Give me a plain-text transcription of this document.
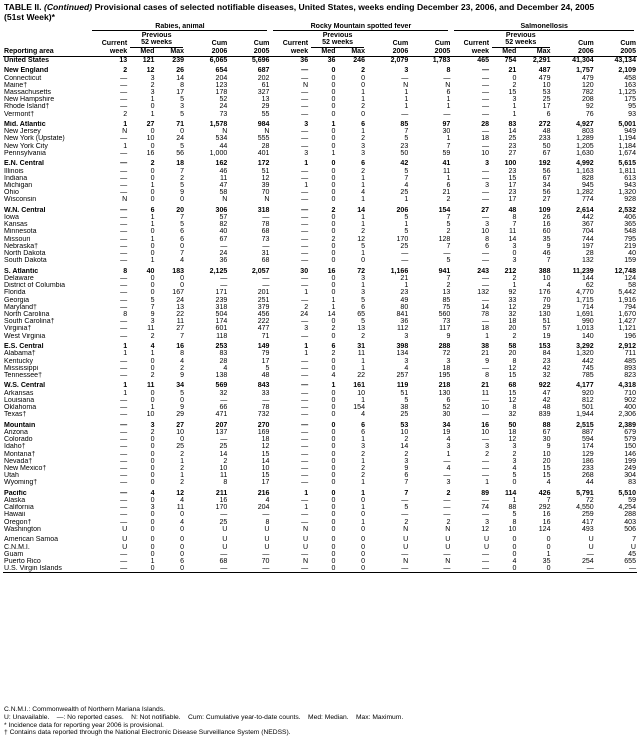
TABLE II. (Continued) Provisional cases of selected notifiable diseases, United States, weeks ending December 23, 2006, and December 24, 2005
(51st Week)*

	Rabies, animal					Rocky Mountain spotted fever					Salmonellosis				

		Previous					Previous					Previous			
	Current	52 weeks		Cum	Cum	Current	52 weeks		Cum	Cum	Current	52 weeks		Cum	Cum
Reporting area	week	Med	Max	2006	2005	week	Med	Max	2006	2005	week	Med	Max	2006	2005
United States	13	121	239	6,065	5,696	36	36	246	2,079	1,783	465	754	2,291	41,304	43,134

New England	2	12	26	654	687	—	0	2	3	8	—	21	487	1,757	2,109
Connecticut	—	3	14	204	202	—	0	0	—	—	—	0	479	479	458
Maine†	—	2	8	123	61	N	0	0	N	N	—	2	10	120	163
Massachusetts	—	3	17	178	327	—	0	1	1	6	—	15	53	782	1,125
New Hampshire	—	1	5	52	13	—	0	1	1	1	—	3	25	208	175
Rhode Island†	—	0	3	24	29	—	0	2	1	1	—	1	17	92	95
Vermont†	2	1	5	73	55	—	0	0	—	—	—	1	6	76	93

Mid. Atlantic	1	27	71	1,578	984	3	1	6	85	97	28	83	272	4,927	5,001
New Jersey	N	0	0	N	N	—	0	1	7	30	—	14	48	803	949
New York (Upstate)	—	10	24	534	555	—	0	2	5	1	18	25	233	1,289	1,194
New York City	1	0	5	44	28	—	0	3	23	7	—	23	50	1,205	1,184
Pennsylvania	—	16	56	1,000	401	3	1	3	50	59	10	27	67	1,630	1,674

E.N. Central	—	2	18	162	172	1	0	6	42	41	3	100	192	4,992	5,615
Illinois	—	0	7	46	51	—	0	2	5	11	—	23	56	1,163	1,811
Indiana	—	0	2	11	12	—	0	1	7	1	—	15	67	828	613
Michigan	—	1	5	47	39	1	0	1	4	6	3	17	34	945	943
Ohio	—	0	9	58	70	—	0	4	25	21	—	23	56	1,282	1,320
Wisconsin	N	0	0	N	N	—	0	1	1	2	—	17	27	774	928

W.N. Central	—	6	20	306	318	—	2	14	206	154	27	48	109	2,614	2,532
Iowa	—	1	7	57	—	—	0	1	5	7	—	8	26	442	406
Kansas	—	1	5	82	78	—	0	1	1	5	3	7	16	367	365
Minnesota	—	0	6	40	68	—	0	2	5	2	10	11	60	704	548
Missouri	—	1	6	67	73	—	2	12	170	128	8	14	35	744	795
Nebraska†	—	0	0	—	—	—	0	5	25	7	6	3	9	197	219
North Dakota	—	0	7	24	31	—	0	1	—	—	—	0	46	28	40
South Dakota	—	1	4	36	68	—	0	0	—	5	—	3	7	132	159

S. Atlantic	8	40	183	2,125	2,057	30	16	72	1,166	941	243	212	388	11,239	12,748
Delaware	—	0	0	—	—	—	0	3	21	7	—	2	10	144	124
District of Columbia	—	0	0	—	—	—	0	1	1	2	—	1	4	62	58
Florida	—	0	167	171	201	1	0	3	23	13	132	92	176	4,770	5,442
Georgia	—	5	24	239	251	—	1	5	49	85	—	33	70	1,715	1,916
Maryland†	—	7	13	318	379	2	1	6	80	75	14	12	29	714	794
North Carolina	8	9	22	504	456	24	14	65	841	560	78	32	130	1,691	1,670
South Carolina†	—	3	11	174	222	—	0	5	36	73	—	18	51	990	1,427
Virginia†	—	11	27	601	477	3	2	13	112	117	18	20	57	1,013	1,121
West Virginia	—	2	7	118	71	—	0	2	3	9	1	2	19	140	196

E.S. Central	1	4	16	253	149	1	6	31	398	288	38	58	153	3,292	2,912
Alabama†	1	1	8	83	79	1	2	11	134	72	21	20	84	1,320	711
Kentucky	—	0	4	28	17	—	0	1	3	3	9	8	23	442	485
Mississippi	—	0	2	4	5	—	0	1	4	18	—	12	42	745	893
Tennessee†	—	2	9	138	48	—	4	22	257	195	8	15	32	785	823

W.S. Central	1	11	34	569	843	—	1	161	119	218	21	68	922	4,177	4,318
Arkansas	1	0	5	32	33	—	0	10	51	130	11	15	47	920	710
Louisiana	—	0	0	—	—	—	0	1	5	6	—	12	42	812	902
Oklahoma	—	1	9	66	78	—	0	154	38	52	10	8	48	501	400
Texas†	—	10	29	471	732	—	0	4	25	30	—	32	839	1,944	2,306

Mountain	—	3	27	207	270	—	0	6	53	34	16	50	88	2,515	2,389
Arizona	—	2	10	137	169	—	0	6	10	19	10	18	67	887	679
Colorado	—	0	0	—	18	—	0	1	2	4	—	12	30	594	579
Idaho†	—	0	25	25	12	—	0	3	14	3	3	3	9	174	150
Montana†	—	0	2	14	15	—	0	2	2	1	2	2	10	129	146
Nevada†	—	0	1	2	14	—	0	1	3	—	—	3	20	186	199
New Mexico†	—	0	2	10	10	—	0	2	9	4	—	4	15	233	249
Utah	—	0	1	11	15	—	0	2	6	—	—	5	15	268	304
Wyoming†	—	0	2	8	17	—	0	1	7	3	1	0	4	44	83

Pacific	—	4	12	211	216	1	0	1	7	2	89	114	426	5,791	5,510
Alaska	—	0	4	16	4	—	0	0	—	—	—	1	7	72	59
California	—	3	11	170	204	1	0	1	5	—	74	88	292	4,550	4,254
Hawaii	—	0	0	—	—	—	0	0	—	—	—	5	16	259	288
Oregon†	—	0	4	25	8	—	0	1	2	2	3	8	16	417	403
Washington	U	0	0	U	U	N	0	0	N	N	12	10	124	493	506

American Samoa	U	0	0	U	U	U	0	0	U	U	U	0	0	U	7
C.N.M.I.	U	0	0	U	U	U	0	0	U	U	U	0	0	U	U
Guam	—	0	0	—	—	—	0	0	—	—	—	0	1	—	45
Puerto Rico	—	1	6	68	70	N	0	0	N	N	—	4	35	254	655
U.S. Virgin Islands	—	0	0	—	—	—	0	0	—	—	—	0	0	—	—
C.N.M.I.: Commonwealth of Northern Mariana Islands.
U: Unavailable.    —: No reported cases.    N: Not notifiable.    Cum: Cumulative year-to-date counts.    Med: Median.    Max: Maximum.
* Incidence data for reporting year 2006 is provisional.
† Contains data reported through the National Electronic Disease Surveillance System (NEDSS).
